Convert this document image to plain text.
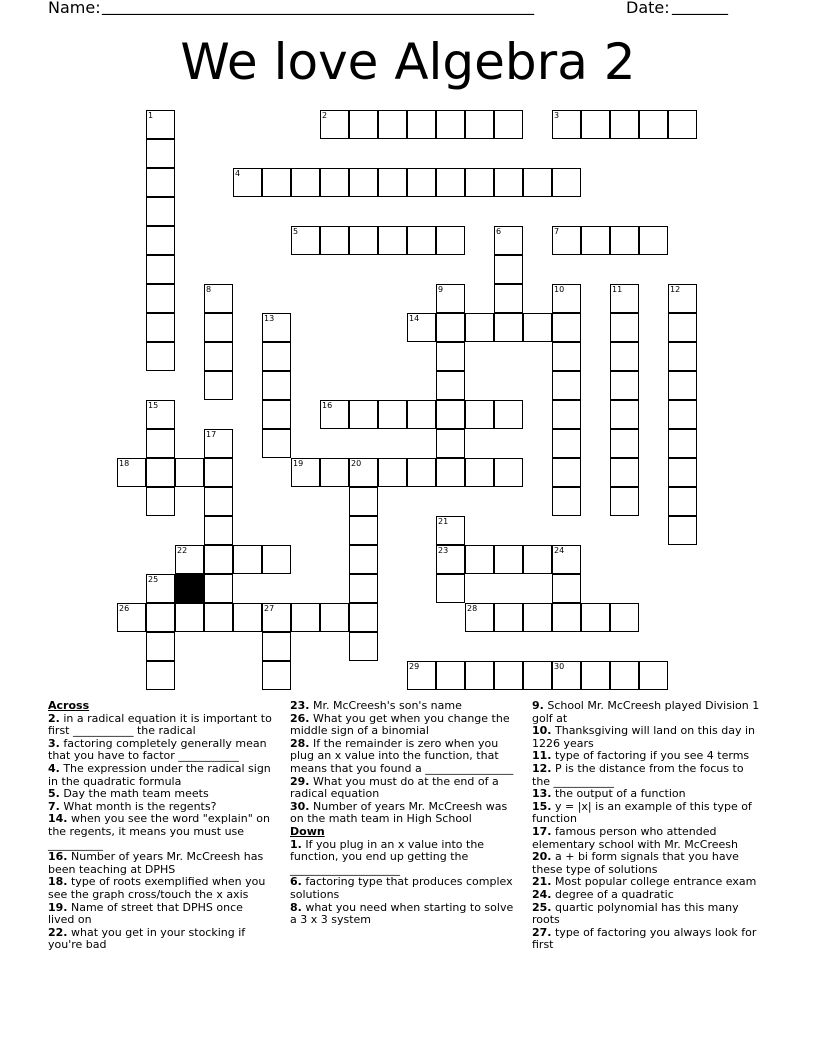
Name: ______________________________________________________	Date: _______
We love Algebra 2
1	2	3
4
5	6	7
8	9	10	11	12
13	14
15	16
17
18	19	20
21
22	23	24
25
26	27	28
29	30

Across

2. in a radical equation it is important to first ___________ the radical

3. factoring completely generally mean that you have to factor ___________

4. The expression under the radical sign in the quadratic formula

5. Day the math team meets

7. What month is the regents?

14. when you see the word "explain" on the regents, it means you must use __________

16. Number of years Mr. McCreesh has been teaching at DPHS

18. type of roots exemplified when you see the graph cross/touch the x axis

19. Name of street that DPHS once lived on

22. what you get in your stocking if you're bad

23. Mr. McCreesh's son's name

26. What you get when you change the middle sign of a binomial

28. If the remainder is zero when you plug an x value into the function, that means that you found a ________________

29. What you must do at the end of a radical equation

30. Number of years Mr. McCreesh was on the math team in High School

Down

1. If you plug in an x value into the function, you end up getting the ____________________

6. factoring type that produces complex solutions

8. what you need when starting to solve a 3 x 3 system

9. School Mr. McCreesh played Division 1 golf at

10. Thanksgiving will land on this day in 1226 years

11. type of factoring if you see 4 terms

12. P is the distance from the focus to the ___________

13. the output of a function

15. y = |x| is an example of this type of function

17. famous person who attended elementary school with Mr. McCreesh

20. a + bi form signals that you have these type of solutions

21. Most popular college entrance exam

24. degree of a quadratic

25. quartic polynomial has this many roots

27. type of factoring you always look for first
